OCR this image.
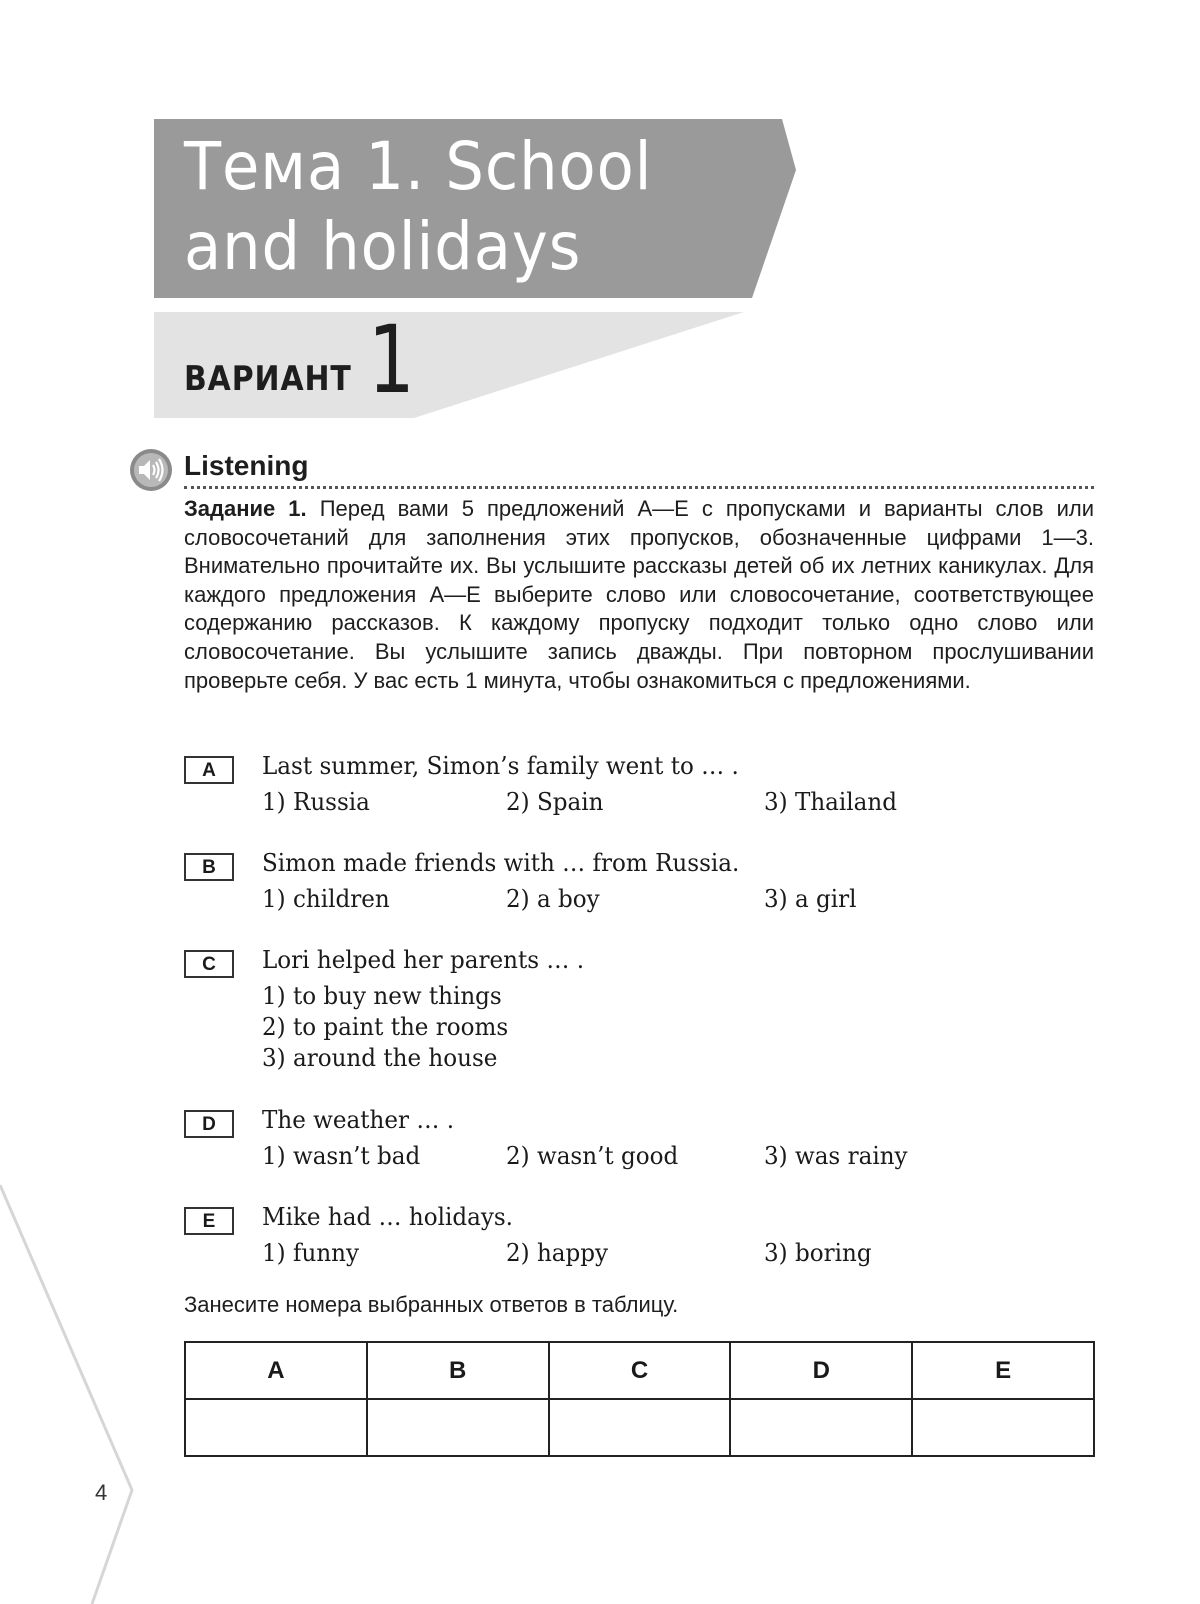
Тема 1. School
and holidays
ВАРИАНТ 1
Listening
Задание 1. Перед вами 5 предложений А—Е с пропусками и варианты слов или словосочетаний для заполнения этих пропусков, обозначенные цифрами 1—3. Внимательно прочитайте их. Вы услышите рассказы детей об их летних каникулах. Для каждого предложения А—Е выберите слово или словосочетание, соответствующее содержанию рассказов. К каждому пропуску подходит только одно слово или словосочетание. Вы услышите запись дважды. При повторном прослушивании проверьте себя. У вас есть 1 минута, чтобы ознакомиться с предложениями.
A	Last summer, Simon’s family went to … .
1) Russia	2) Spain	3) Thailand
B	Simon made friends with … from Russia.
1) children	2) a boy	3) a girl
C	Lori helped her parents … .
1) to buy new things
2) to paint the rooms
3) around the house
D	The weather … .
1) wasn’t bad	2) wasn’t good	3) was rainy
E	Mike had … holidays.
1) funny	2) happy	3) boring
Занесите номера выбранных ответов в таблицу.
A	B	C	D	E

4
